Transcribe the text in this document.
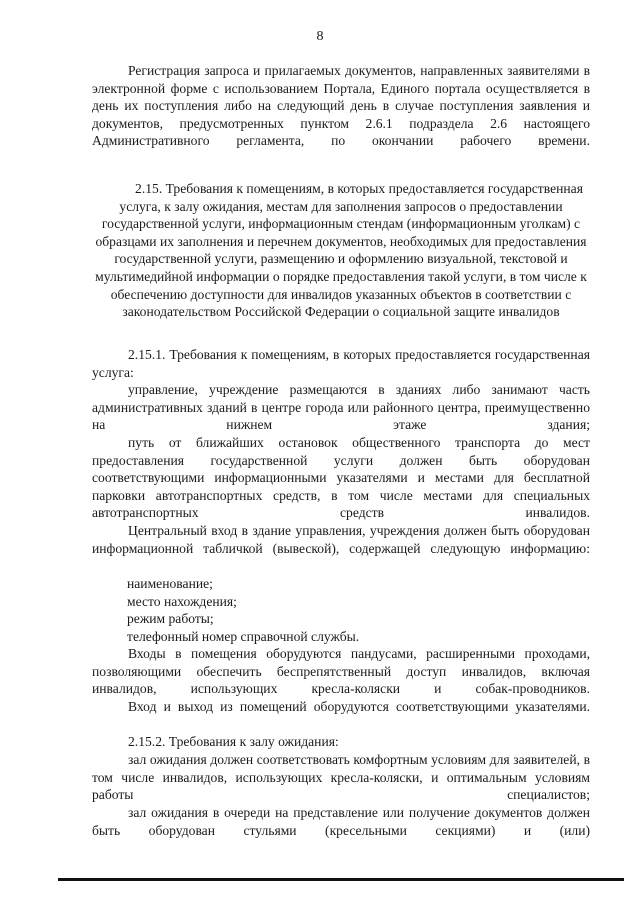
8

Регистрация запроса и прилагаемых документов, направленных заявителями в электронной форме с использованием Портала, Единого портала осуществляется в день их поступления либо на следующий день в случае поступления заявления и документов, предусмотренных пунктом 2.6.1 подраздела 2.6 настоящего Административного регламента, по окончании рабочего времени.

2.15. Требования к помещениям, в которых предоставляется государственная услуга, к залу ожидания, местам для заполнения запросов о предоставлении государственной услуги, информационным стендам (информационным уголкам) с образцами их заполнения и перечнем документов, необходимых для предоставления государственной услуги, размещению и оформлению визуальной, текстовой и мультимедийной информации о порядке предоставления такой услуги, в том числе к обеспечению доступности для инвалидов указанных объектов в соответствии с законодательством Российской Федерации о социальной защите инвалидов

2.15.1. Требования к помещениям, в которых предоставляется государственная услуга:

управление, учреждение размещаются в зданиях либо занимают часть административных зданий в центре города или районного центра, преимущественно на нижнем этаже здания;

путь от ближайших остановок общественного транспорта до мест предоставления государственной услуги должен быть оборудован соответствующими информационными указателями и местами для бесплатной парковки автотранспортных средств, в том числе местами для специальных автотранспортных средств инвалидов.

Центральный вход в здание управления, учреждения должен быть оборудован информационной табличкой (вывеской), содержащей следующую информацию:

наименование;
место нахождения;
режим работы;
телефонный номер справочной службы.

Входы в помещения оборудуются пандусами, расширенными проходами, позволяющими обеспечить беспрепятственный доступ инвалидов, включая инвалидов, использующих кресла-коляски и собак-проводников.

Вход и выход из помещений оборудуются соответствующими указателями.

2.15.2. Требования к залу ожидания:

зал ожидания должен соответствовать комфортным условиям для заявителей, в том числе инвалидов, использующих кресла-коляски, и оптимальным условиям работы специалистов;

зал ожидания в очереди на представление или получение документов должен быть оборудован стульями (кресельными секциями) и (или)
